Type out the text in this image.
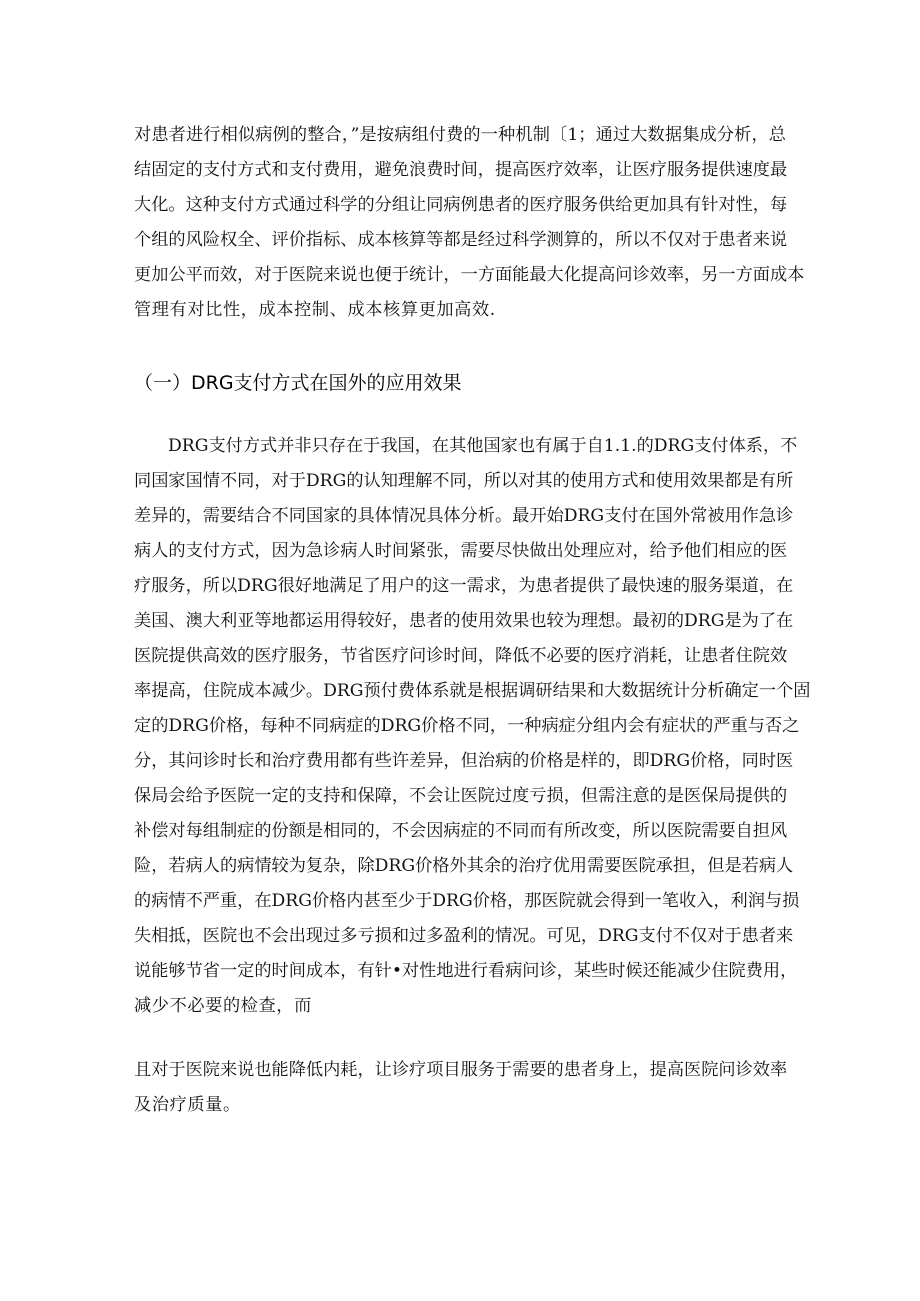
对患者进行相似病例的整合，”是按病组付费的一种机制〔1；通过大数据集成分析，总
结固定的支付方式和支付费用，避免浪费时间，提高医疗效率，让医疗服务提供速度最
大化。这种支付方式通过科学的分组让同病例患者的医疗服务供给更加具有针对性，每
个组的风险权全、评价指标、成本核算等都是经过科学测算的，所以不仅对于患者来说
更加公平而效，对于医院来说也便于统计，一方面能最大化提高问诊效率，另一方面成本
管理有对比性，成本控制、成本核算更加高效.
（一）DRG支付方式在国外的应用效果
DRG支付方式并非只存在于我国，在其他国家也有属于自1.1.的DRG支付体系，不
同国家国情不同，对于DRG的认知理解不同，所以对其的使用方式和使用效果都是有所
差异的，需要结合不同国家的具体情况具体分析。最开始DRG支付在国外常被用作急诊
病人的支付方式，因为急诊病人时间紧张，需要尽快做出处理应对，给予他们相应的医
疗服务，所以DRG很好地满足了用户的这一需求，为患者提供了最快速的服务渠道，在
美国、澳大利亚等地都运用得较好，患者的使用效果也较为理想。最初的DRG是为了在
医院提供高效的医疗服务，节省医疗问诊时间，降低不必要的医疗消耗，让患者住院效
率提高，住院成本减少。DRG预付费体系就是根据调研结果和大数据统计分析确定一个固
定的DRG价格，每种不同病症的DRG价格不同，一种病症分组内会有症状的严重与否之
分，其问诊时长和治疗费用都有些许差异，但治病的价格是样的，即DRG价格，同时医
保局会给予医院一定的支持和保障，不会让医院过度亏损，但需注意的是医保局提供的
补偿对每组制症的份额是相同的，不会因病症的不同而有所改变，所以医院需要自担风
险，若病人的病情较为复杂，除DRG价格外其余的治疗优用需要医院承担，但是若病人
的病情不严重，在DRG价格内甚至少于DRG价格，那医院就会得到一笔收入，利润与损
失相抵，医院也不会出现过多亏损和过多盈利的情况。可见，DRG支付不仅对于患者来
说能够节省一定的时间成本，有针•对性地进行看病问诊，某些时候还能减少住院费用，
减少不必要的检查，而
且对于医院来说也能降低内耗，让诊疗项目服务于需要的患者身上，提高医院问诊效率
及治疗质量。
